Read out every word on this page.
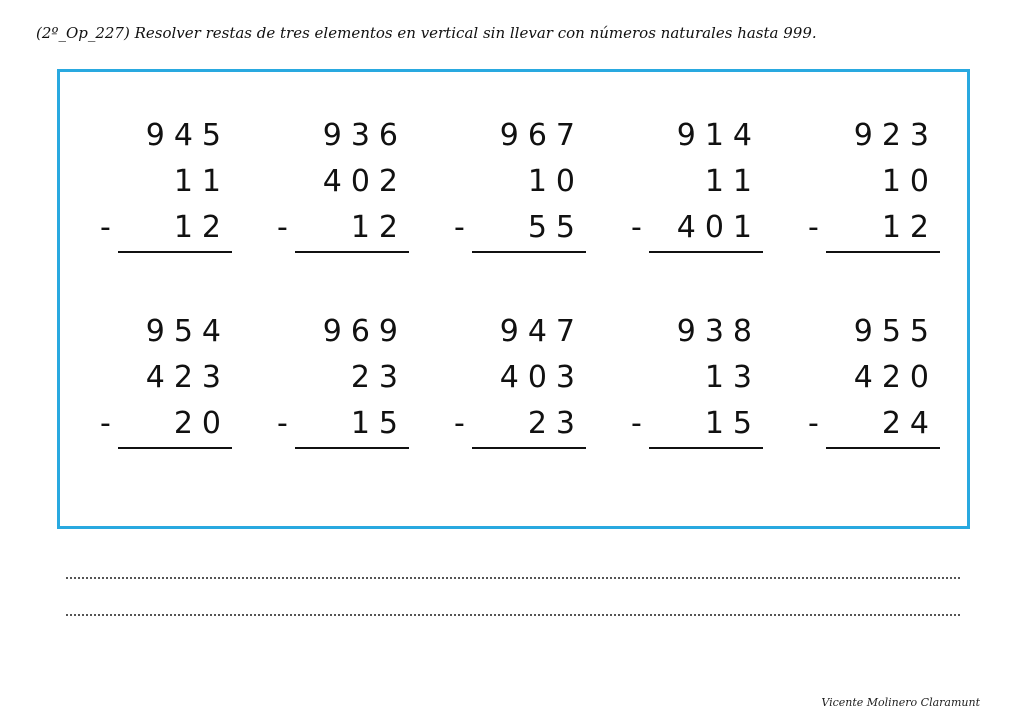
(2º_Op_227) Resolver restas de tres elementos en vertical sin llevar con números naturales hasta 999.
945
11
-	12
936
402
-	12
967
10
-	55
914
11
-	401
923
10
-	12
954
423
-	20
969
23
-	15
947
403
-	23
938
13
-	15
955
420
-	24
Vicente Molinero Claramunt
